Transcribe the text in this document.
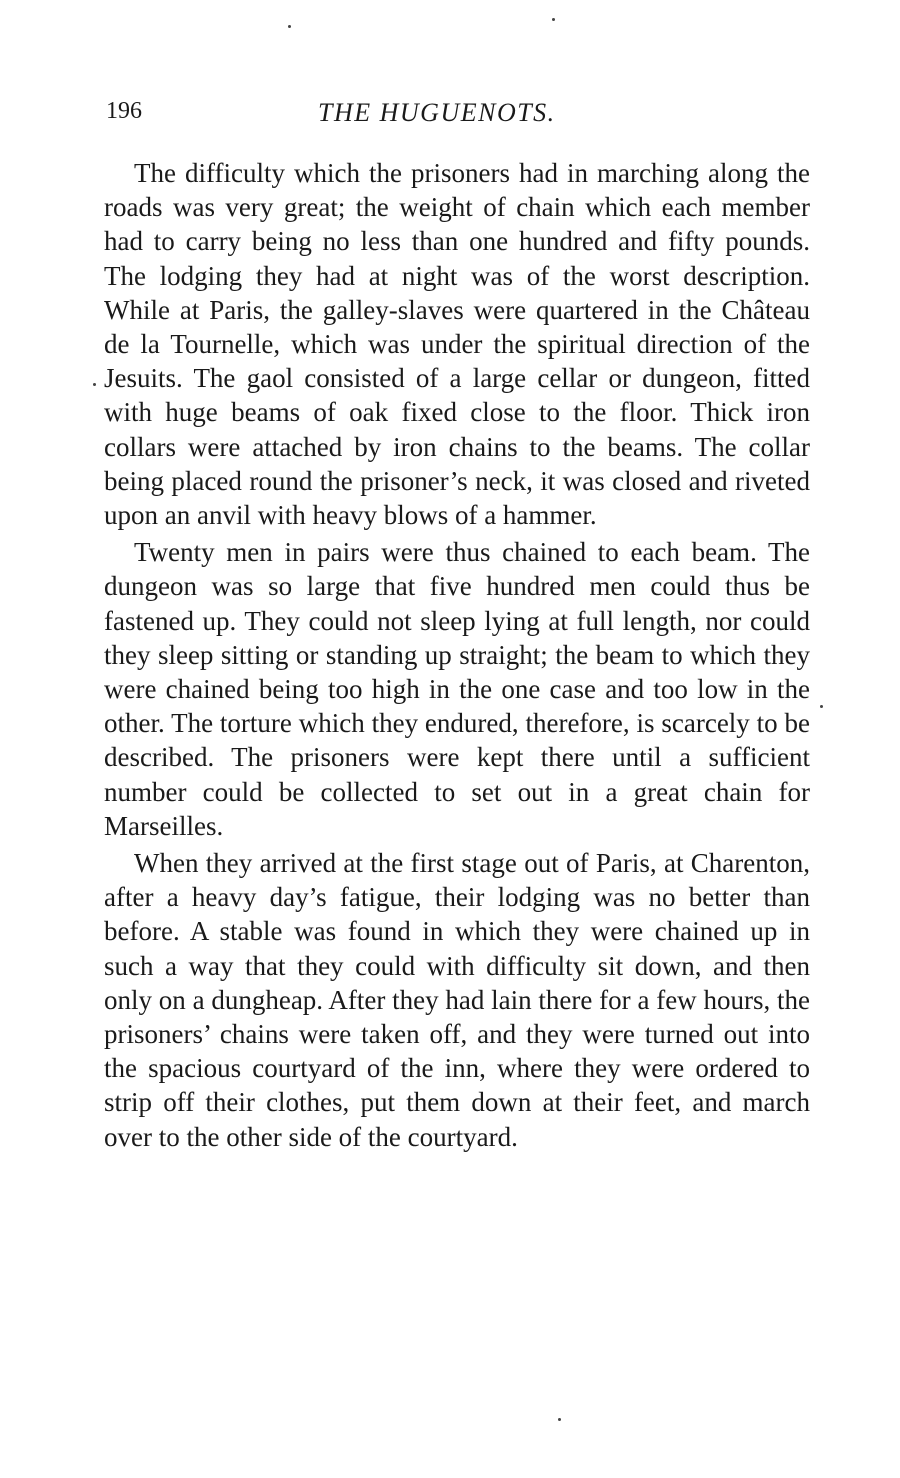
196	THE HUGUENOTS.

The difficulty which the prisoners had in marching along the roads was very great; the weight of chain which each member had to carry being no less than one hundred and fifty pounds. The lodging they had at night was of the worst description. While at Paris, the galley-slaves were quartered in the Château de la Tournelle, which was under the spiritual direction of the Jesuits. The gaol consisted of a large cellar or dungeon, fitted with huge beams of oak fixed close to the floor. Thick iron collars were attached by iron chains to the beams. The collar being placed round the prisoner’s neck, it was closed and riveted upon an anvil with heavy blows of a hammer.

Twenty men in pairs were thus chained to each beam. The dungeon was so large that five hundred men could thus be fastened up. They could not sleep lying at full length, nor could they sleep sitting or standing up straight; the beam to which they were chained being too high in the one case and too low in the other. The torture which they endured, therefore, is scarcely to be described. The prisoners were kept there until a sufficient number could be collected to set out in a great chain for Marseilles.

When they arrived at the first stage out of Paris, at Charenton, after a heavy day’s fatigue, their lodging was no better than before. A stable was found in which they were chained up in such a way that they could with difficulty sit down, and then only on a dungheap. After they had lain there for a few hours, the prisoners’ chains were taken off, and they were turned out into the spacious courtyard of the inn, where they were ordered to strip off their clothes, put them down at their feet, and march over to the other side of the courtyard.
